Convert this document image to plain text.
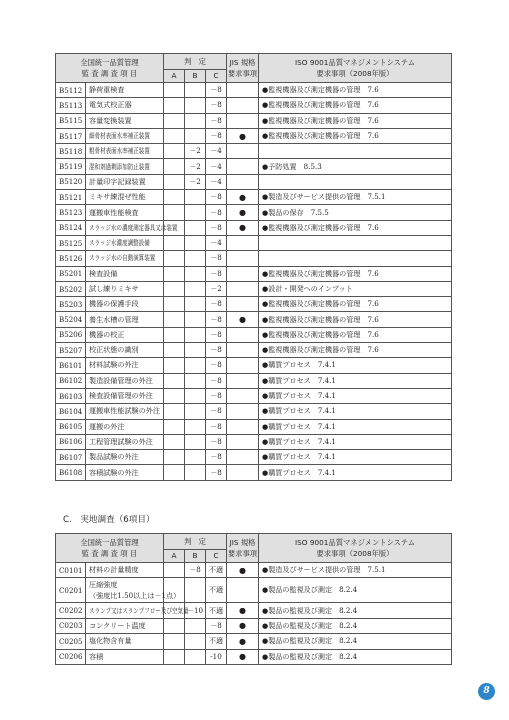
全国統一品質管理
監 査 調 査 項 目		判　定			JIS 規格
要求事項	ISO 9001品質マネジメントシステム
要求事項（2008年版）

		A	B	C		
B5112	静荷重検査			－8		●監視機器及び測定機器の管理　7.6
B5113	電気式校正器			－8		●監視機器及び測定機器の管理　7.6
B5115	容量変換装置			－8		●監視機器及び測定機器の管理　7.6
B5117	細骨材表面水率補正装置			－8	●	●監視機器及び測定機器の管理　7.6
B5118	粗骨材表面水率補正装置		－2	－4		
B5119	混和剤過剰添加防止装置		－2	－4		●予防処置　8.5.3
B5120	計量印字記録装置		－2	－4		
B5121	ミキサ練混ぜ性能			－8	●	●製造及びサービス提供の管理　7.5.1
B5123	運搬車性能検査			－8	●	●製品の保存　7.5.5
B5124	スラッジ水の濃度測定器具又は装置			－8	●	●監視機器及び測定機器の管理　7.6
B5125	スラッジ水濃度調整設備			－4		
B5126	スラッジ水の自動演算装置			－8		
B5201	検査設備			－8		●監視機器及び測定機器の管理　7.6
B5202	試し練りミキサ			－2		●設計・開発へのインプット
B5203	機器の保護手段			－8		●監視機器及び測定機器の管理　7.6
B5204	養生水槽の管理			－8	●	●監視機器及び測定機器の管理　7.6
B5206	機器の校正			－8		●監視機器及び測定機器の管理　7.6
B5207	校正状態の識別			－8		●監視機器及び測定機器の管理　7.6
B6101	材料試験の外注			－8		●購買プロセス　7.4.1
B6102	製造設備管理の外注			－8		●購買プロセス　7.4.1
B6103	検査設備管理の外注			－8		●購買プロセス　7.4.1
B6104	運搬車性能試験の外注			－8		●購買プロセス　7.4.1
B6105	運搬の外注			－8		●購買プロセス　7.4.1
B6106	工程管理試験の外注			－8		●購買プロセス　7.4.1
B6107	製品試験の外注			－8		●購買プロセス　7.4.1
B6108	容積試験の外注			－8		●購買プロセス　7.4.1
C.　実地調査（6項目）
全国統一品質管理
監 査 調 査 項 目		判　定			JIS 規格
要求事項	ISO 9001品質マネジメントシステム
要求事項（2008年版）

		A	B	C		
C0101	材料の計量精度		－8	不適	●	●製造及びサービス提供の管理　7.5.1
C0201	圧縮強度
（強度比1.50以上は－1点）			不適		●製品の監視及び測定　8.2.4
C0202	スランプ又はスランプフロー及び空気量		－10	不適	●	●製品の監視及び測定　8.2.4
C0203	コンクリート温度			－8	●	●製品の監視及び測定　8.2.4
C0205	塩化物含有量			不適	●	●製品の監視及び測定　8.2.4
C0206	容積			-10	●	●製品の監視及び測定　8.2.4
8
